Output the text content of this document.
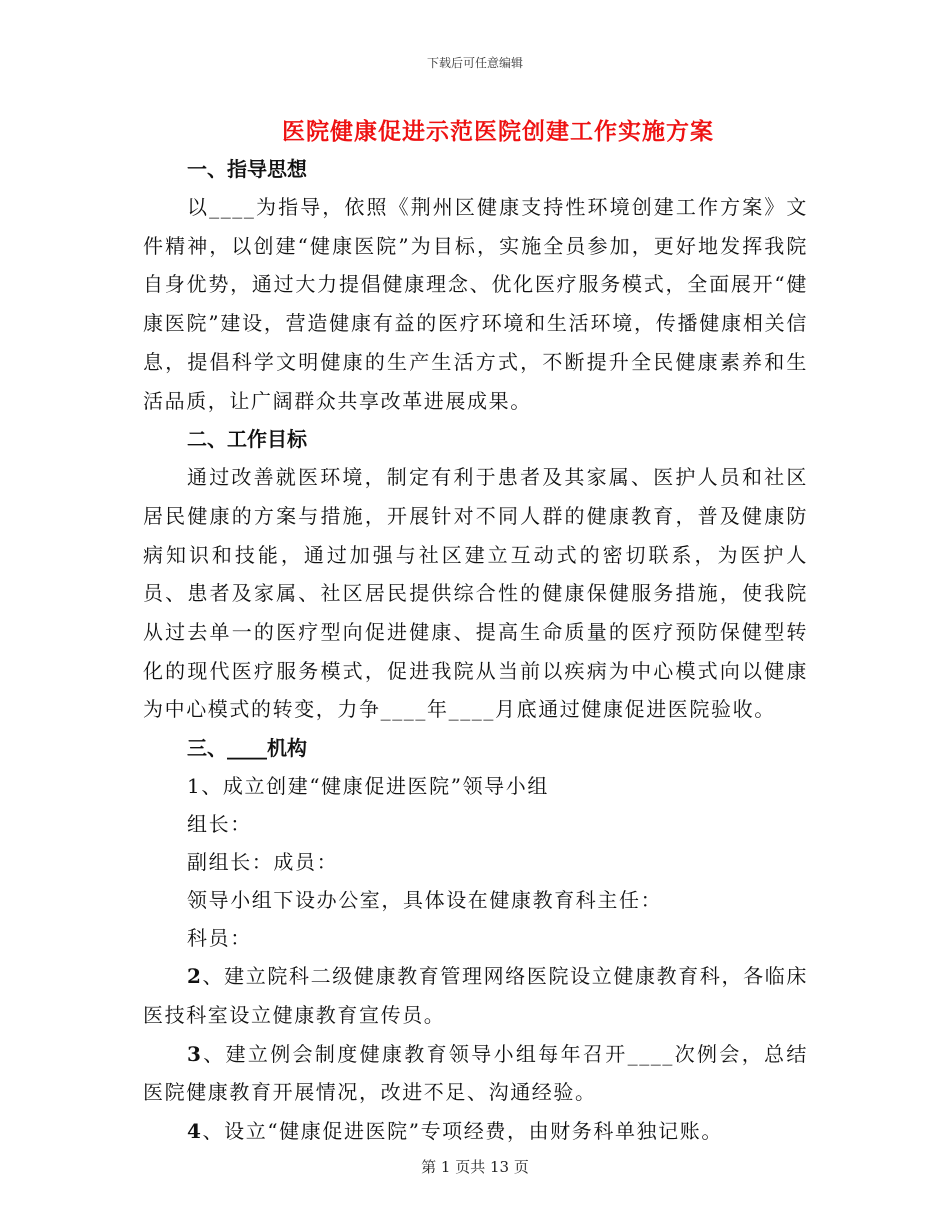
下载后可任意编辑
医院健康促进示范医院创建工作实施方案

一、指导思想

以____为指导，依照《荆州区健康支持性环境创建工作方案》文件精神，以创建“健康医院”为目标，实施全员参加，更好地发挥我院自身优势，通过大力提倡健康理念、优化医疗服务模式，全面展开“健康医院”建设，营造健康有益的医疗环境和生活环境，传播健康相关信息，提倡科学文明健康的生产生活方式，不断提升全民健康素养和生活品质，让广阔群众共享改革进展成果。

二、工作目标

通过改善就医环境，制定有利于患者及其家属、医护人员和社区居民健康的方案与措施，开展针对不同人群的健康教育，普及健康防病知识和技能，通过加强与社区建立互动式的密切联系，为医护人员、患者及家属、社区居民提供综合性的健康保健服务措施，使我院从过去单一的医疗型向促进健康、提高生命质量的医疗预防保健型转化的现代医疗服务模式，促进我院从当前以疾病为中心模式向以健康为中心模式的转变，力争____年____月底通过健康促进医院验收。

三、____机构

1、成立创建“健康促进医院”领导小组

组长：

副组长：成员：

领导小组下设办公室，具体设在健康教育科主任：

科员：

2、建立院科二级健康教育管理网络医院设立健康教育科，各临床医技科室设立健康教育宣传员。

3、建立例会制度健康教育领导小组每年召开____次例会，总结医院健康教育开展情况，改进不足、沟通经验。

4、设立“健康促进医院”专项经费，由财务科单独记账。

第 1 页共 13 页
